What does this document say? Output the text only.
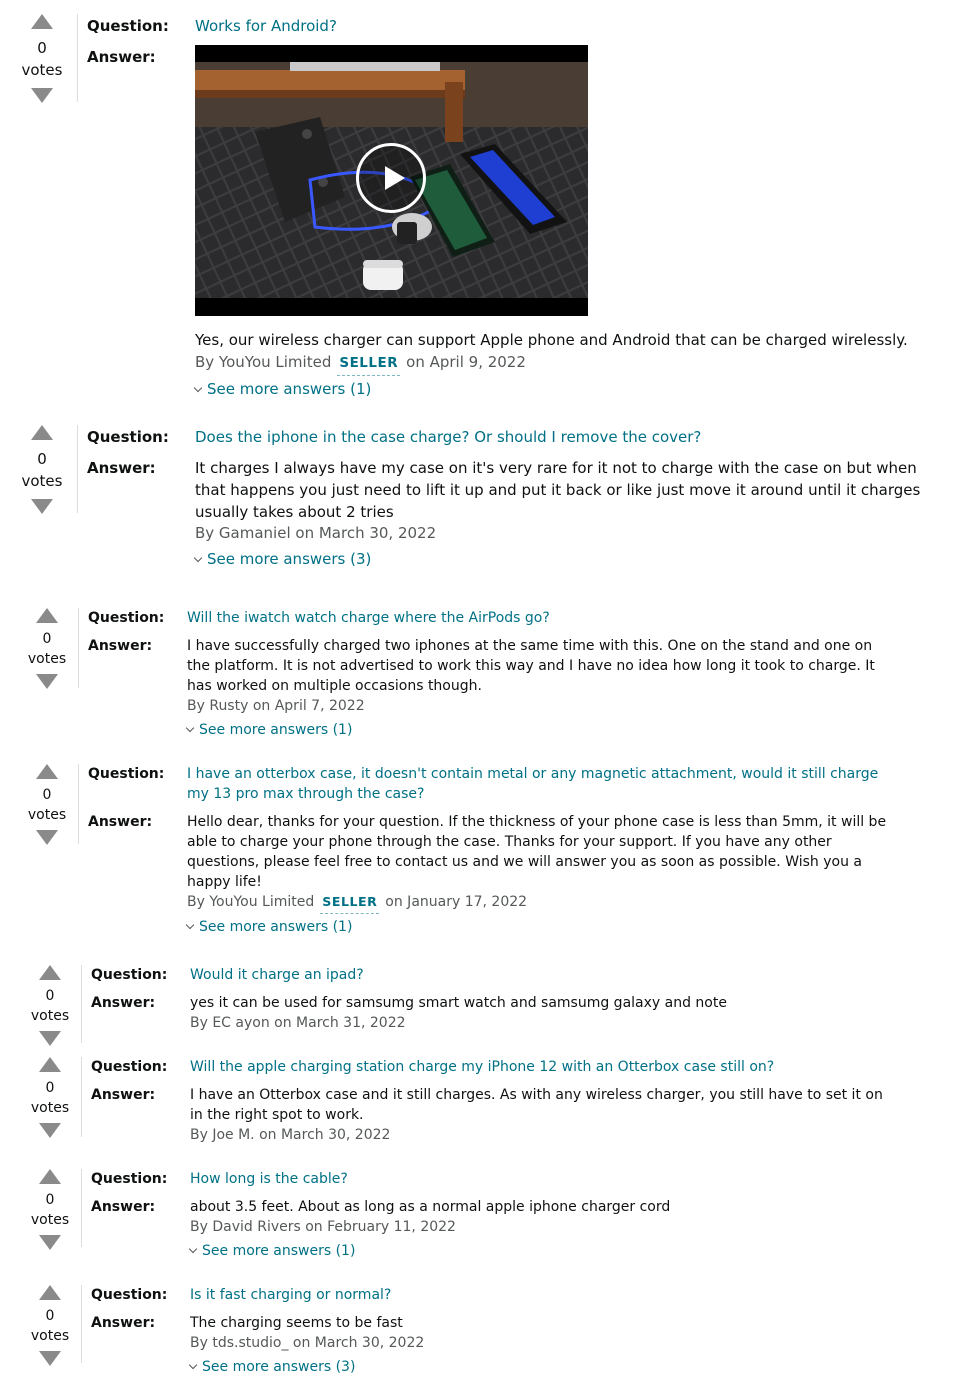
0
votes
Question:
Answer:
Works for Android?
Yes, our wireless charger can support Apple phone and Android that can be charged wirelessly.
By YouYou Limited SELLER on April 9, 2022
See more answers (1)
0
votes
Question:
Answer:
Does the iphone in the case charge? Or should I remove the cover?
It charges I always have my case on it's very rare for it not to charge with the case on but when
that happens you just need to lift it up and put it back or like just move it around until it charges
usually takes about 2 tries
By Gamaniel on March 30, 2022
See more answers (3)
0
votes
Question:
Answer:
Will the iwatch watch charge where the AirPods go?
I have successfully charged two iphones at the same time with this. One on the stand and one on
the platform. It is not advertised to work this way and I have no idea how long it took to charge. It
has worked on multiple occasions though.
By Rusty on April 7, 2022
See more answers (1)
0
votes
Question:
Answer:
I have an otterbox case, it doesn't contain metal or any magnetic attachment, would it still charge
my 13 pro max through the case?
Hello dear, thanks for your question. If the thickness of your phone case is less than 5mm, it will be
able to charge your phone through the case. Thanks for your support. If you have any other
questions, please feel free to contact us and we will answer you as soon as possible. Wish you a
happy life!
By YouYou Limited SELLER on January 17, 2022
See more answers (1)
0
votes
Question:
Answer:
Would it charge an ipad?
yes it can be used for samsumg smart watch and samsumg galaxy and note
By EC ayon on March 31, 2022
0
votes
Question:
Answer:
Will the apple charging station charge my iPhone 12 with an Otterbox case still on?
I have an Otterbox case and it still charges. As with any wireless charger, you still have to set it on
in the right spot to work.
By Joe M. on March 30, 2022
0
votes
Question:
Answer:
How long is the cable?
about 3.5 feet. About as long as a normal apple iphone charger cord
By David Rivers on February 11, 2022
See more answers (1)
0
votes
Question:
Answer:
Is it fast charging or normal?
The charging seems to be fast
By tds.studio_ on March 30, 2022
See more answers (3)
